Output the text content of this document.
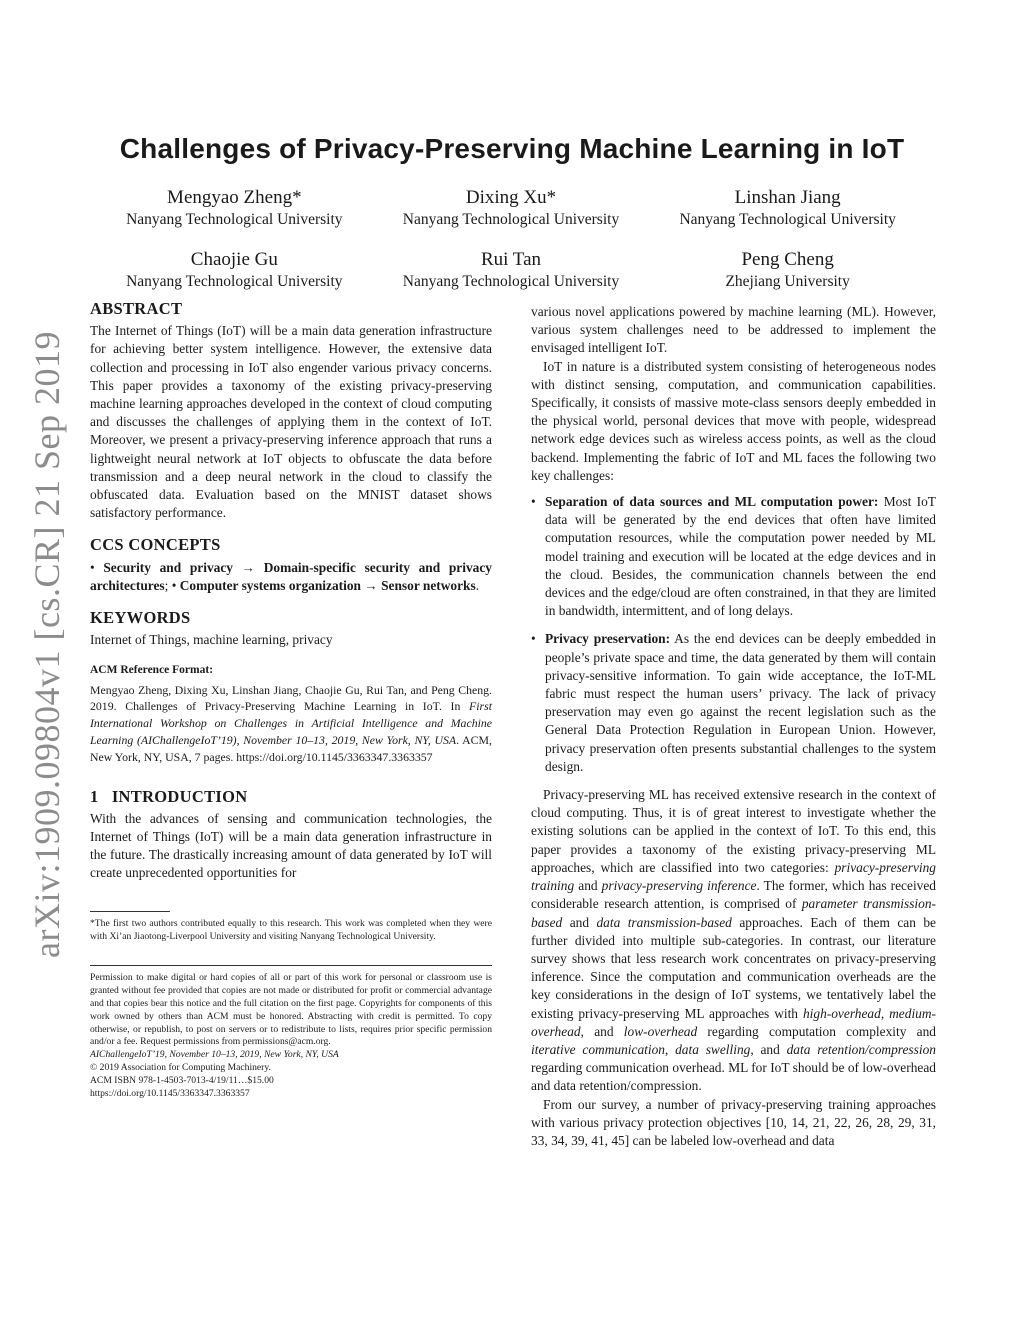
arXiv:1909.09804v1 [cs.CR] 21 Sep 2019
Challenges of Privacy-Preserving Machine Learning in IoT
Mengyao Zheng*
Nanyang Technological University
Dixing Xu*
Nanyang Technological University
Linshan Jiang
Nanyang Technological University
Chaojie Gu
Nanyang Technological University
Rui Tan
Nanyang Technological University
Peng Cheng
Zhejiang University
ABSTRACT

The Internet of Things (IoT) will be a main data generation infrastructure for achieving better system intelligence. However, the extensive data collection and processing in IoT also engender various privacy concerns. This paper provides a taxonomy of the existing privacy-preserving machine learning approaches developed in the context of cloud computing and discusses the challenges of applying them in the context of IoT. Moreover, we present a privacy-preserving inference approach that runs a lightweight neural network at IoT objects to obfuscate the data before transmission and a deep neural network in the cloud to classify the obfuscated data. Evaluation based on the MNIST dataset shows satisfactory performance.

CCS CONCEPTS

• Security and privacy → Domain-specific security and privacy architectures; • Computer systems organization → Sensor networks.

KEYWORDS

Internet of Things, machine learning, privacy

ACM Reference Format:

Mengyao Zheng, Dixing Xu, Linshan Jiang, Chaojie Gu, Rui Tan, and Peng Cheng. 2019. Challenges of Privacy-Preserving Machine Learning in IoT. In First International Workshop on Challenges in Artificial Intelligence and Machine Learning (AIChallengeIoT’19), November 10–13, 2019, New York, NY, USA. ACM, New York, NY, USA, 7 pages. https://doi.org/10.1145/3363347.3363357

1   INTRODUCTION

With the advances of sensing and communication technologies, the Internet of Things (IoT) will be a main data generation infrastructure in the future. The drastically increasing amount of data generated by IoT will create unprecedented opportunities for

*The first two authors contributed equally to this research. This work was completed when they were with Xi’an Jiaotong-Liverpool University and visiting Nanyang Technological University.

Permission to make digital or hard copies of all or part of this work for personal or classroom use is granted without fee provided that copies are not made or distributed for profit or commercial advantage and that copies bear this notice and the full citation on the first page. Copyrights for components of this work owned by others than ACM must be honored. Abstracting with credit is permitted. To copy otherwise, or republish, to post on servers or to redistribute to lists, requires prior specific permission and/or a fee. Request permissions from permissions@acm.org.

AIChallengeIoT’19, November 10–13, 2019, New York, NY, USA
© 2019 Association for Computing Machinery.
ACM ISBN 978-1-4503-7013-4/19/11…$15.00
https://doi.org/10.1145/3363347.3363357

various novel applications powered by machine learning (ML). However, various system challenges need to be addressed to implement the envisaged intelligent IoT.

IoT in nature is a distributed system consisting of heterogeneous nodes with distinct sensing, computation, and communication capabilities. Specifically, it consists of massive mote-class sensors deeply embedded in the physical world, personal devices that move with people, widespread network edge devices such as wireless access points, as well as the cloud backend. Implementing the fabric of IoT and ML faces the following two key challenges:

• Separation of data sources and ML computation power: Most IoT data will be generated by the end devices that often have limited computation resources, while the computation power needed by ML model training and execution will be located at the edge devices and in the cloud. Besides, the communication channels between the end devices and the edge/cloud are often constrained, in that they are limited in bandwidth, intermittent, and of long delays.
• Privacy preservation: As the end devices can be deeply embedded in people’s private space and time, the data generated by them will contain privacy-sensitive information. To gain wide acceptance, the IoT-ML fabric must respect the human users’ privacy. The lack of privacy preservation may even go against the recent legislation such as the General Data Protection Regulation in European Union. However, privacy preservation often presents substantial challenges to the system design.

Privacy-preserving ML has received extensive research in the context of cloud computing. Thus, it is of great interest to investigate whether the existing solutions can be applied in the context of IoT. To this end, this paper provides a taxonomy of the existing privacy-preserving ML approaches, which are classified into two categories: privacy-preserving training and privacy-preserving inference. The former, which has received considerable research attention, is comprised of parameter transmission-based and data transmission-based approaches. Each of them can be further divided into multiple sub-categories. In contrast, our literature survey shows that less research work concentrates on privacy-preserving inference. Since the computation and communication overheads are the key considerations in the design of IoT systems, we tentatively label the existing privacy-preserving ML approaches with high-overhead, medium-overhead, and low-overhead regarding computation complexity and iterative communication, data swelling, and data retention/compression regarding communication overhead. ML for IoT should be of low-overhead and data retention/compression.

From our survey, a number of privacy-preserving training approaches with various privacy protection objectives [10, 14, 21, 22, 26, 28, 29, 31, 33, 34, 39, 41, 45] can be labeled low-overhead and data
